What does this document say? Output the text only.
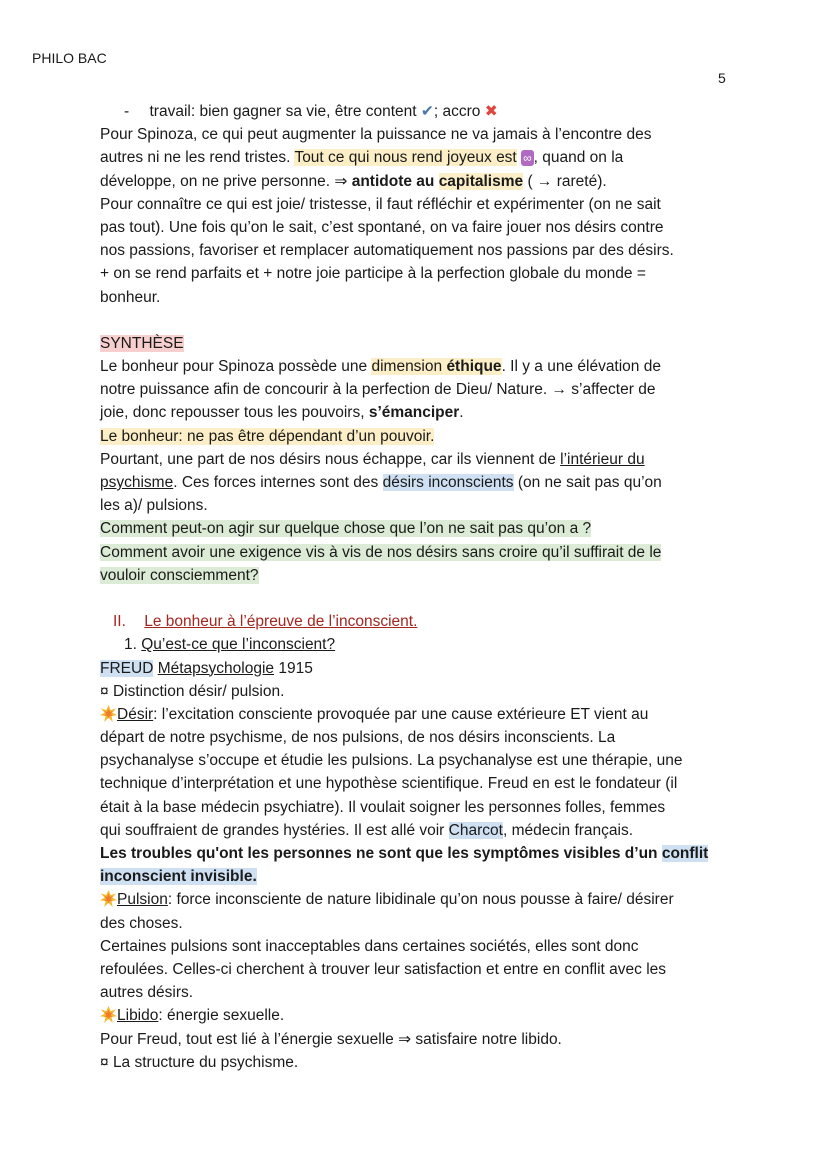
PHILO BAC
5
- travail: bien gagner sa vie, être content ✔; accro ✖
Pour Spinoza, ce qui peut augmenter la puissance ne va jamais à l’encontre des
autres ni ne les rend tristes. Tout ce qui nous rend joyeux est ∞ , quand on la
développe, on ne prive personne. ⇒ antidote au capitalisme ( → rareté).
Pour connaître ce qui est joie/ tristesse, il faut réfléchir et expérimenter (on ne sait
pas tout). Une fois qu’on le sait, c’est spontané, on va faire jouer nos désirs contre
nos passions, favoriser et remplacer automatiquement nos passions par des désirs.
+ on se rend parfaits et + notre joie participe à la perfection globale du monde =
bonheur.
SYNTHÈSE
Le bonheur pour Spinoza possède une dimension éthique. Il y a une élévation de
notre puissance afin de concourir à la perfection de Dieu/ Nature. → s’affecter de
joie, donc repousser tous les pouvoirs, s’émanciper.
Le bonheur: ne pas être dépendant d’un pouvoir.
Pourtant, une part de nos désirs nous échappe, car ils viennent de l’intérieur du
psychisme. Ces forces internes sont des désirs inconscients (on ne sait pas qu’on
les a)/ pulsions.
Comment peut-on agir sur quelque chose que l’on ne sait pas qu’on a ?
Comment avoir une exigence vis à vis de nos désirs sans croire qu’il suffirait de le
vouloir consciemment?
II. Le bonheur à l’épreuve de l’inconscient.
1. Qu’est-ce que l’inconscient?
FREUD Métapsychologie 1915
¤ Distinction désir/ pulsion.
Désir: l’excitation consciente provoquée par une cause extérieure ET vient au
départ de notre psychisme, de nos pulsions, de nos désirs inconscients. La
psychanalyse s’occupe et étudie les pulsions. La psychanalyse est une thérapie, une
technique d’interprétation et une hypothèse scientifique. Freud en est le fondateur (il
était à la base médecin psychiatre). Il voulait soigner les personnes folles, femmes
qui souffraient de grandes hystéries. Il est allé voir Charcot, médecin français.
Les troubles qu'ont les personnes ne sont que les symptômes visibles d’un conflit
inconscient invisible.
Pulsion: force inconsciente de nature libidinale qu’on nous pousse à faire/ désirer
des choses.
Certaines pulsions sont inacceptables dans certaines sociétés, elles sont donc
refoulées. Celles-ci cherchent à trouver leur satisfaction et entre en conflit avec les
autres désirs.
Libido: énergie sexuelle.
Pour Freud, tout est lié à l’énergie sexuelle ⇒ satisfaire notre libido.
¤ La structure du psychisme.
